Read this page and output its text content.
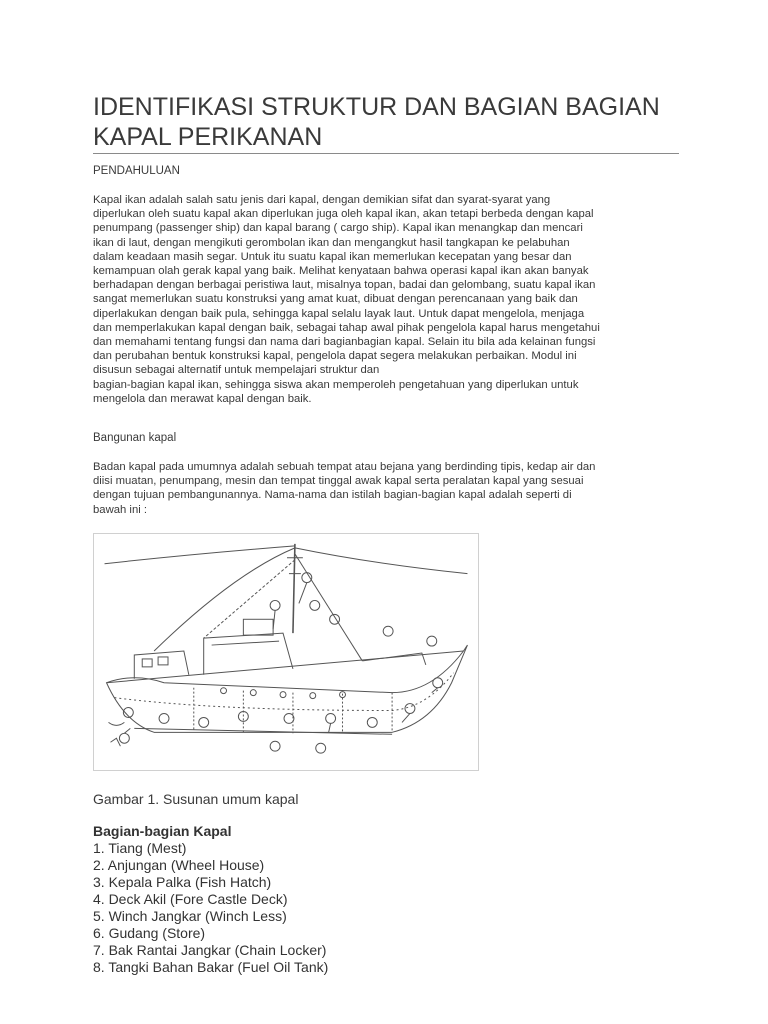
IDENTIFIKASI STRUKTUR DAN BAGIAN BAGIAN KAPAL PERIKANAN

PENDAHULUAN

Kapal ikan adalah salah satu jenis dari kapal, dengan demikian sifat dan syarat-syarat yang
diperlukan oleh suatu kapal akan diperlukan juga oleh kapal ikan, akan tetapi berbeda dengan kapal
penumpang (passenger ship) dan kapal barang ( cargo ship). Kapal ikan menangkap dan mencari
ikan di laut, dengan mengikuti gerombolan ikan dan mengangkut hasil tangkapan ke pelabuhan
dalam keadaan masih segar. Untuk itu suatu kapal ikan memerlukan kecepatan yang besar dan
kemampuan olah gerak kapal yang baik. Melihat kenyataan bahwa operasi kapal ikan akan banyak
berhadapan dengan berbagai peristiwa laut, misalnya topan, badai dan gelombang, suatu kapal ikan
sangat memerlukan suatu konstruksi yang amat kuat, dibuat dengan perencanaan yang baik dan
diperlakukan dengan baik pula, sehingga kapal selalu layak laut. Untuk dapat mengelola, menjaga
dan memperlakukan kapal dengan baik, sebagai tahap awal pihak pengelola kapal harus mengetahui
dan memahami tentang fungsi dan nama dari bagianbagian kapal. Selain itu bila ada kelainan fungsi
dan perubahan bentuk konstruksi kapal, pengelola dapat segera melakukan perbaikan. Modul ini
disusun sebagai alternatif untuk mempelajari struktur dan
bagian-bagian kapal ikan, sehingga siswa akan memperoleh pengetahuan yang diperlukan untuk
mengelola dan merawat kapal dengan baik.

Bangunan kapal

Badan kapal pada umumnya adalah sebuah tempat atau bejana yang berdinding tipis, kedap air dan
diisi muatan, penumpang, mesin dan tempat tinggal awak kapal serta peralatan kapal yang sesuai
dengan tujuan pembangunannya. Nama-nama dan istilah bagian-bagian kapal adalah seperti di
bawah ini :

Gambar 1. Susunan umum kapal

Bagian-bagian Kapal

1. Tiang (Mest)
2. Anjungan (Wheel House)
3. Kepala Palka (Fish Hatch)
4. Deck Akil (Fore Castle Deck)
5. Winch Jangkar (Winch Less)
6. Gudang (Store)
7. Bak Rantai Jangkar (Chain Locker)
8. Tangki Bahan Bakar (Fuel Oil Tank)
